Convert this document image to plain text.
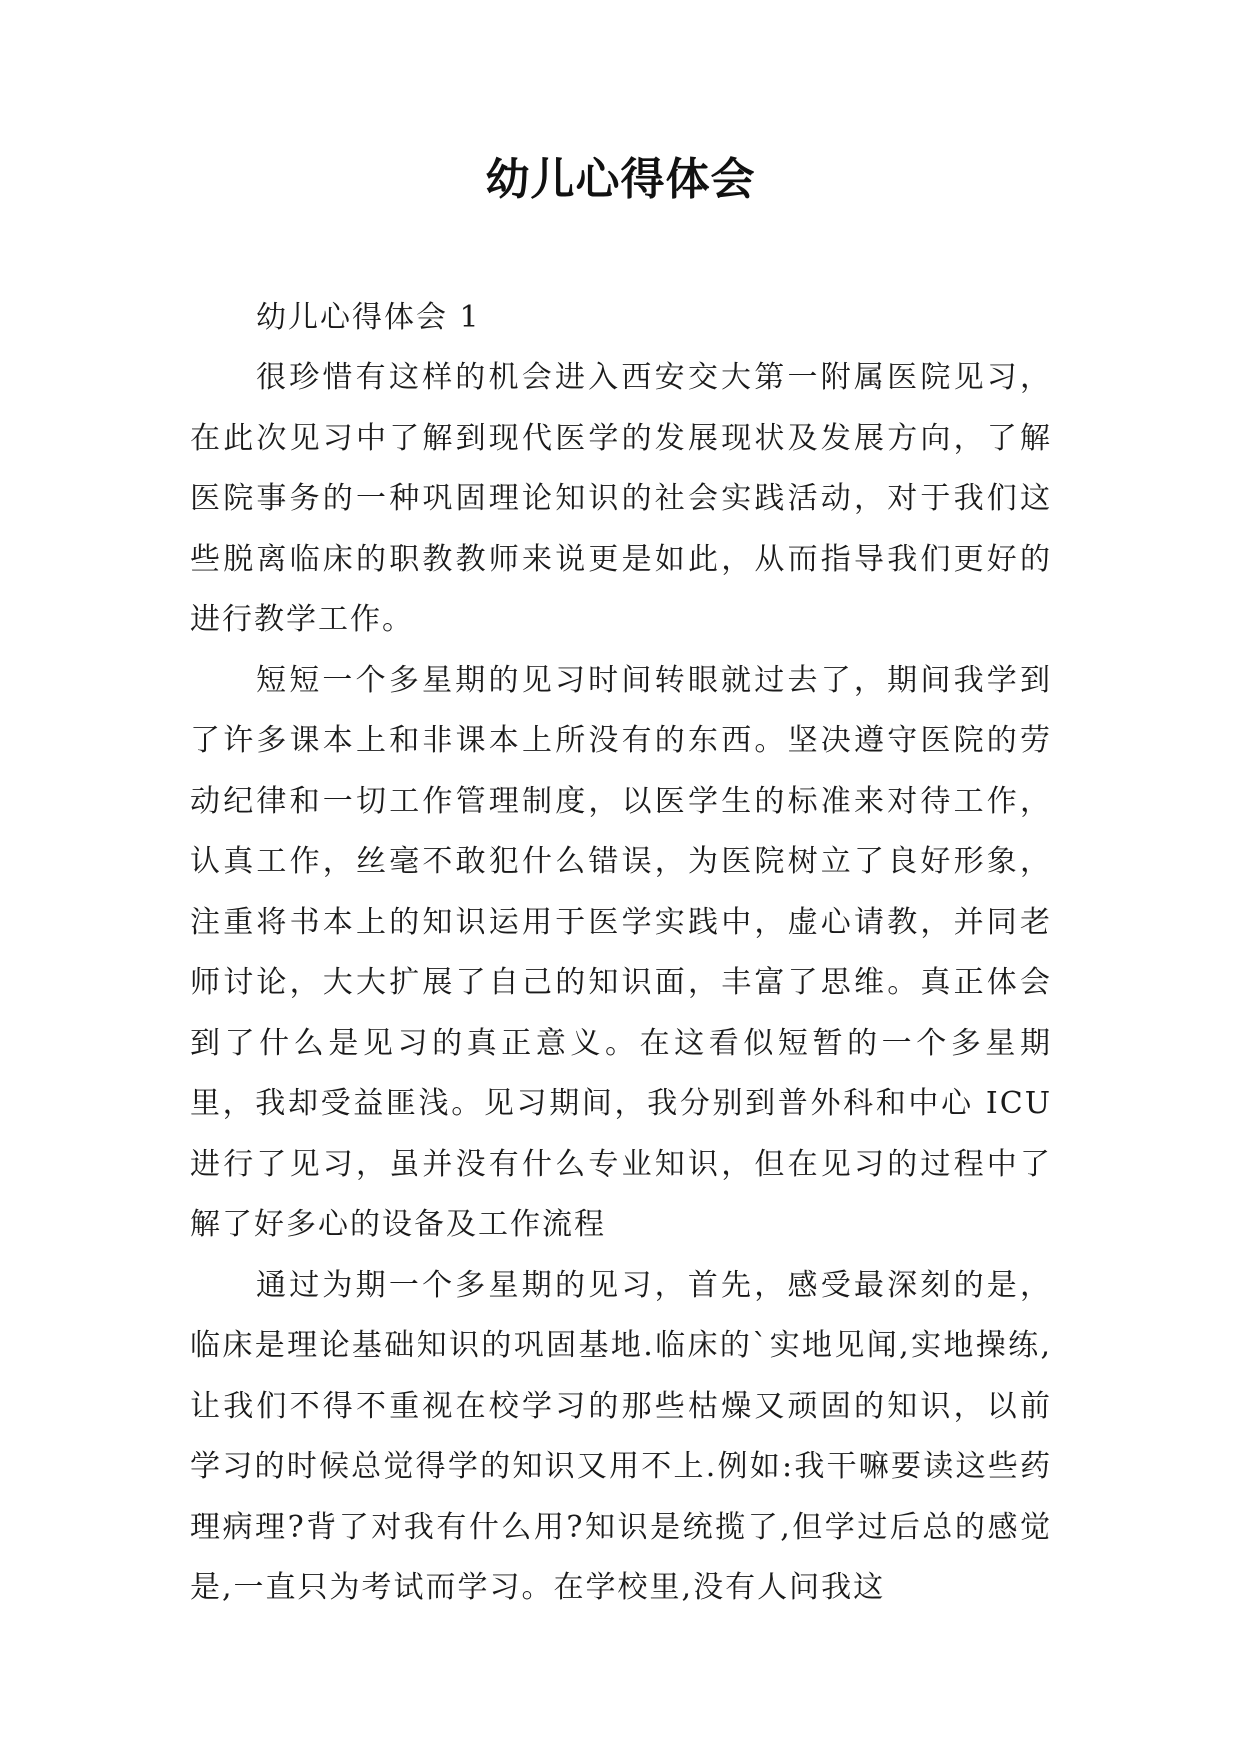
幼儿心得体会

幼儿心得体会 1

很珍惜有这样的机会进入西安交大第一附属医院见习，在此次见习中了解到现代医学的发展现状及发展方向，了解医院事务的一种巩固理论知识的社会实践活动，对于我们这些脱离临床的职教教师来说更是如此，从而指导我们更好的进行教学工作。

短短一个多星期的见习时间转眼就过去了，期间我学到了许多课本上和非课本上所没有的东西。坚决遵守医院的劳动纪律和一切工作管理制度，以医学生的标准来对待工作，认真工作，丝毫不敢犯什么错误，为医院树立了良好形象，注重将书本上的知识运用于医学实践中，虚心请教，并同老师讨论，大大扩展了自己的知识面，丰富了思维。真正体会到了什么是见习的真正意义。在这看似短暂的一个多星期里，我却受益匪浅。见习期间，我分别到普外科和中心 ICU 进行了见习，虽并没有什么专业知识，但在见习的过程中了解了好多心的设备及工作流程

通过为期一个多星期的见习，首先，感受最深刻的是，临床是理论基础知识的巩固基地.临床的`实地见闻,实地操练,让我们不得不重视在校学习的那些枯燥又顽固的知识，以前学习的时候总觉得学的知识又用不上.例如:我干嘛要读这些药理病理?背了对我有什么用?知识是统揽了,但学过后总的感觉是,一直只为考试而学习。在学校里,没有人问我这
